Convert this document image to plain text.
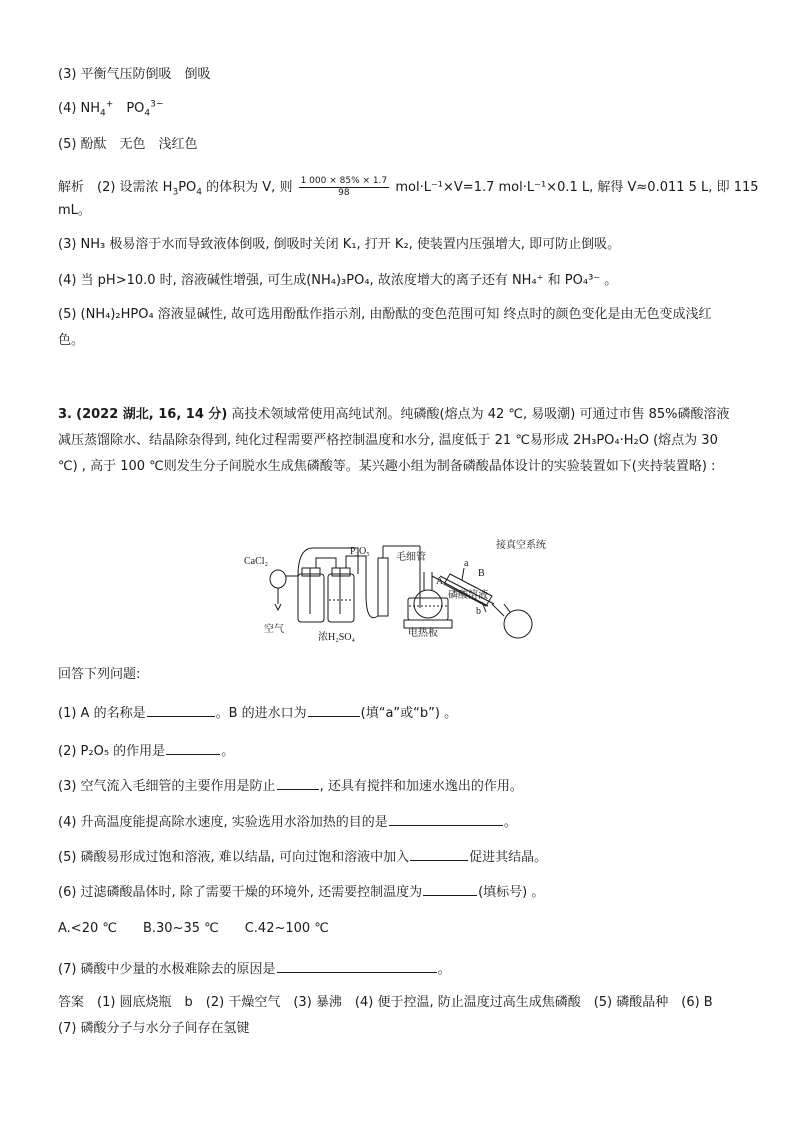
(3) 平衡气压防倒吸　倒吸
(4) $NH_4^+$　$PO_4^{3-}$
(5) 酚酞　无色　浅红色
解析　(2) 设需浓 $H_3PO_4$ 的体积为 V, 则 $\frac{1 000 \times 85\% \times 1.7}{98} mol\cdot L^{-1}\times V=1.7$ mol·L⁻¹×0.1 L, 解得 V≈0.011 5 L, 即 115
mL。
(3) NH₃ 极易溶于水而导致液体倒吸, 倒吸时关闭 K₁, 打开 K₂, 使装置内压强增大, 即可防止倒吸。
(4) 当 pH>10.0 时, 溶液碱性增强, 可生成(NH₄)₃PO₄, 故浓度增大的离子还有 NH₄⁺ 和 PO₄³⁻ 。
(5) (NH₄)₂HPO₄ 溶液显碱性, 故可选用酚酞作指示剂, 由酚酞的变色范围可知 终点时的颜色变化是由无色变成浅红色。
3. (2022 湖北, 16, 14 分) 高技术领域常使用高纯试剂。纯磷酸(熔点为 42 ℃, 易吸潮) 可通过市售 85%磷酸溶液减压蒸馏除水、结晶除杂得到, 纯化过程需要严格控制温度和水分, 温度低于 21 ℃易形成 2H₃PO₄·H₂O (熔点为 30 ℃) , 高于 100 ℃则发生分子间脱水生成焦磷酸等。某兴趣小组为制备磷酸晶体设计的实验装置如下(夹持装置略) :
CaCl₂
空气
浓H₂SO₄
P₂O₅
毛细管
A
B
a
b
磷酸溶液
电热板
接真空系统
回答下列问题:
(1) A 的名称是	。B 的进水口为	(填“a”或“b”) 。
(2) P₂O₅ 的作用是	。
(3) 空气流入毛细管的主要作用是防止	, 还具有搅拌和加速水逸出的作用。
(4) 升高温度能提高除水速度, 实验选用水浴加热的目的是	。
(5) 磷酸易形成过饱和溶液, 难以结晶, 可向过饱和溶液中加入	促进其结晶。
(6) 过滤磷酸晶体时, 除了需要干燥的环境外, 还需要控制温度为	(填标号) 。
A.<20 ℃　　B.30~35 ℃　　C.42~100 ℃
(7) 磷酸中少量的水极难除去的原因是	。
答案　(1) 圆底烧瓶　b　(2) 干燥空气　(3) 暴沸　(4) 便于控温, 防止温度过高生成焦磷酸　(5) 磷酸晶种　(6) B　(7) 磷酸分子与水分子间存在氢键
